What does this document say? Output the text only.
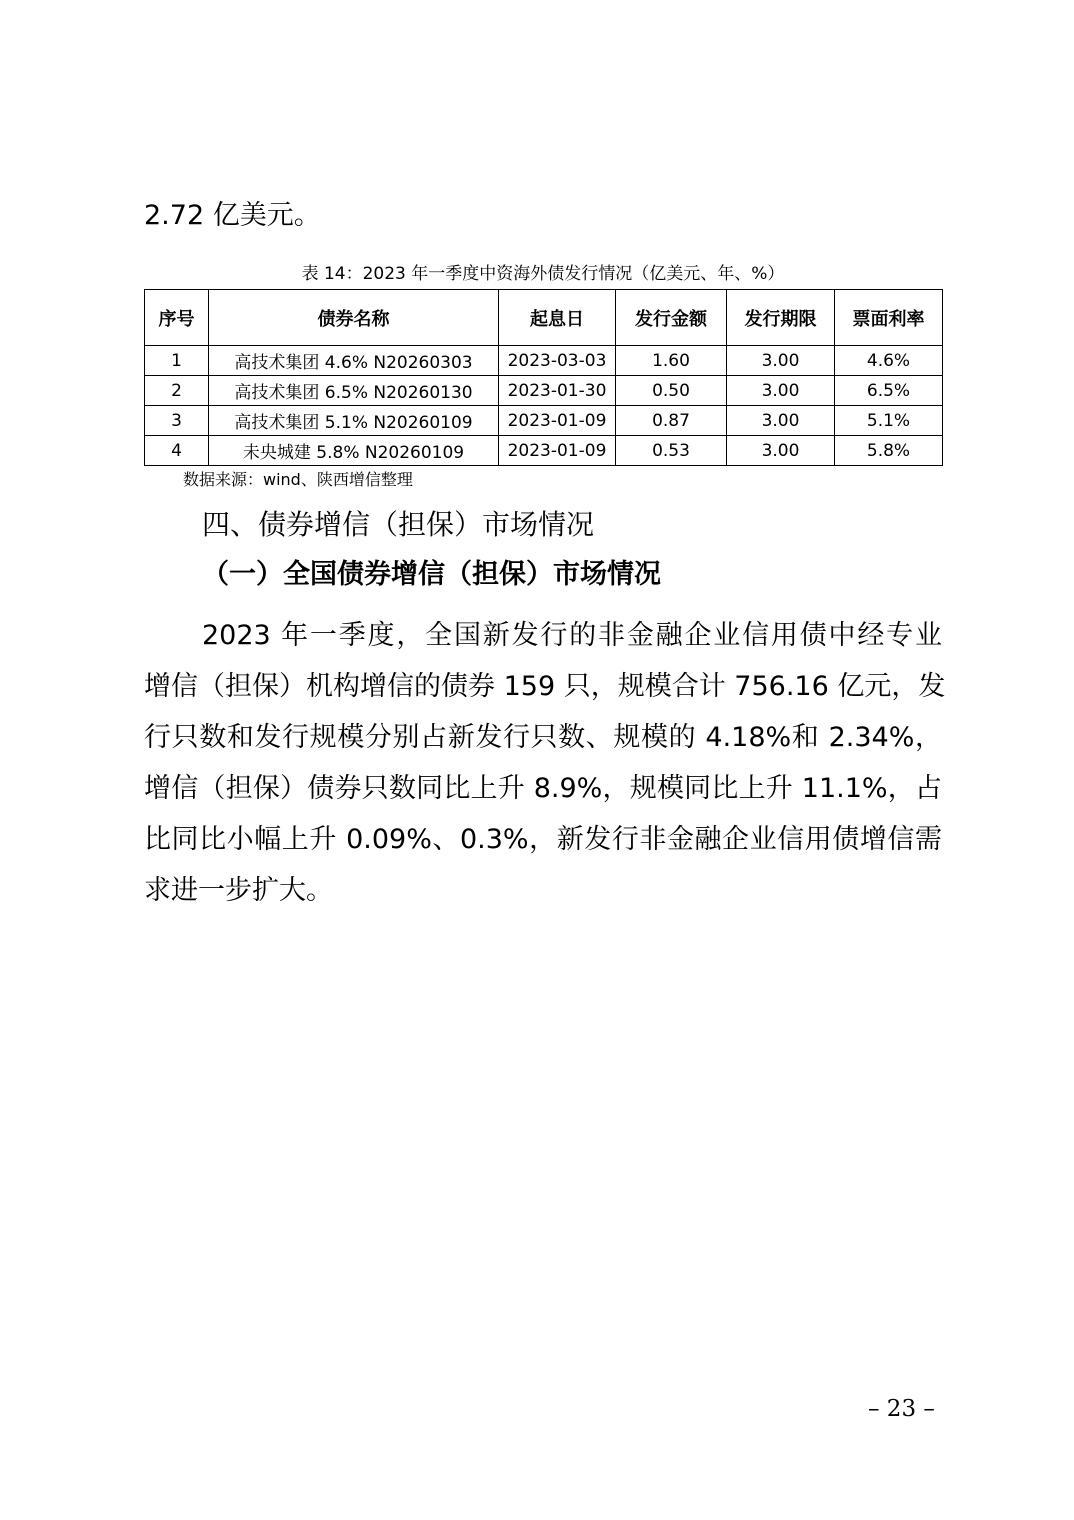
2.72 亿美元。

表 14：2023 年一季度中资海外债发行情况（亿美元、年、%）

序号	债券名称	起息日	发行金额	发行期限	票面利率
1	高技术集团 4.6% N20260303	2023-03-03	1.60	3.00	4.6%
2	高技术集团 6.5% N20260130	2023-01-30	0.50	3.00	6.5%
3	高技术集团 5.1% N20260109	2023-01-09	0.87	3.00	5.1%
4	未央城建 5.8% N20260109	2023-01-09	0.53	3.00	5.8%

数据来源：wind、陕西增信整理

四、债券增信（担保）市场情况
（一）全国债券增信（担保）市场情况
2023 年一季度，全国新发行的非金融企业信用债中经专业
增信（担保）机构增信的债券 159 只，规模合计 756.16 亿元，发
行只数和发行规模分别占新发行只数、规模的 4.18%和 2.34%，
增信（担保）债券只数同比上升 8.9%，规模同比上升 11.1%，占
比同比小幅上升 0.09%、0.3%，新发行非金融企业信用债增信需
求进一步扩大。

– 23 –
